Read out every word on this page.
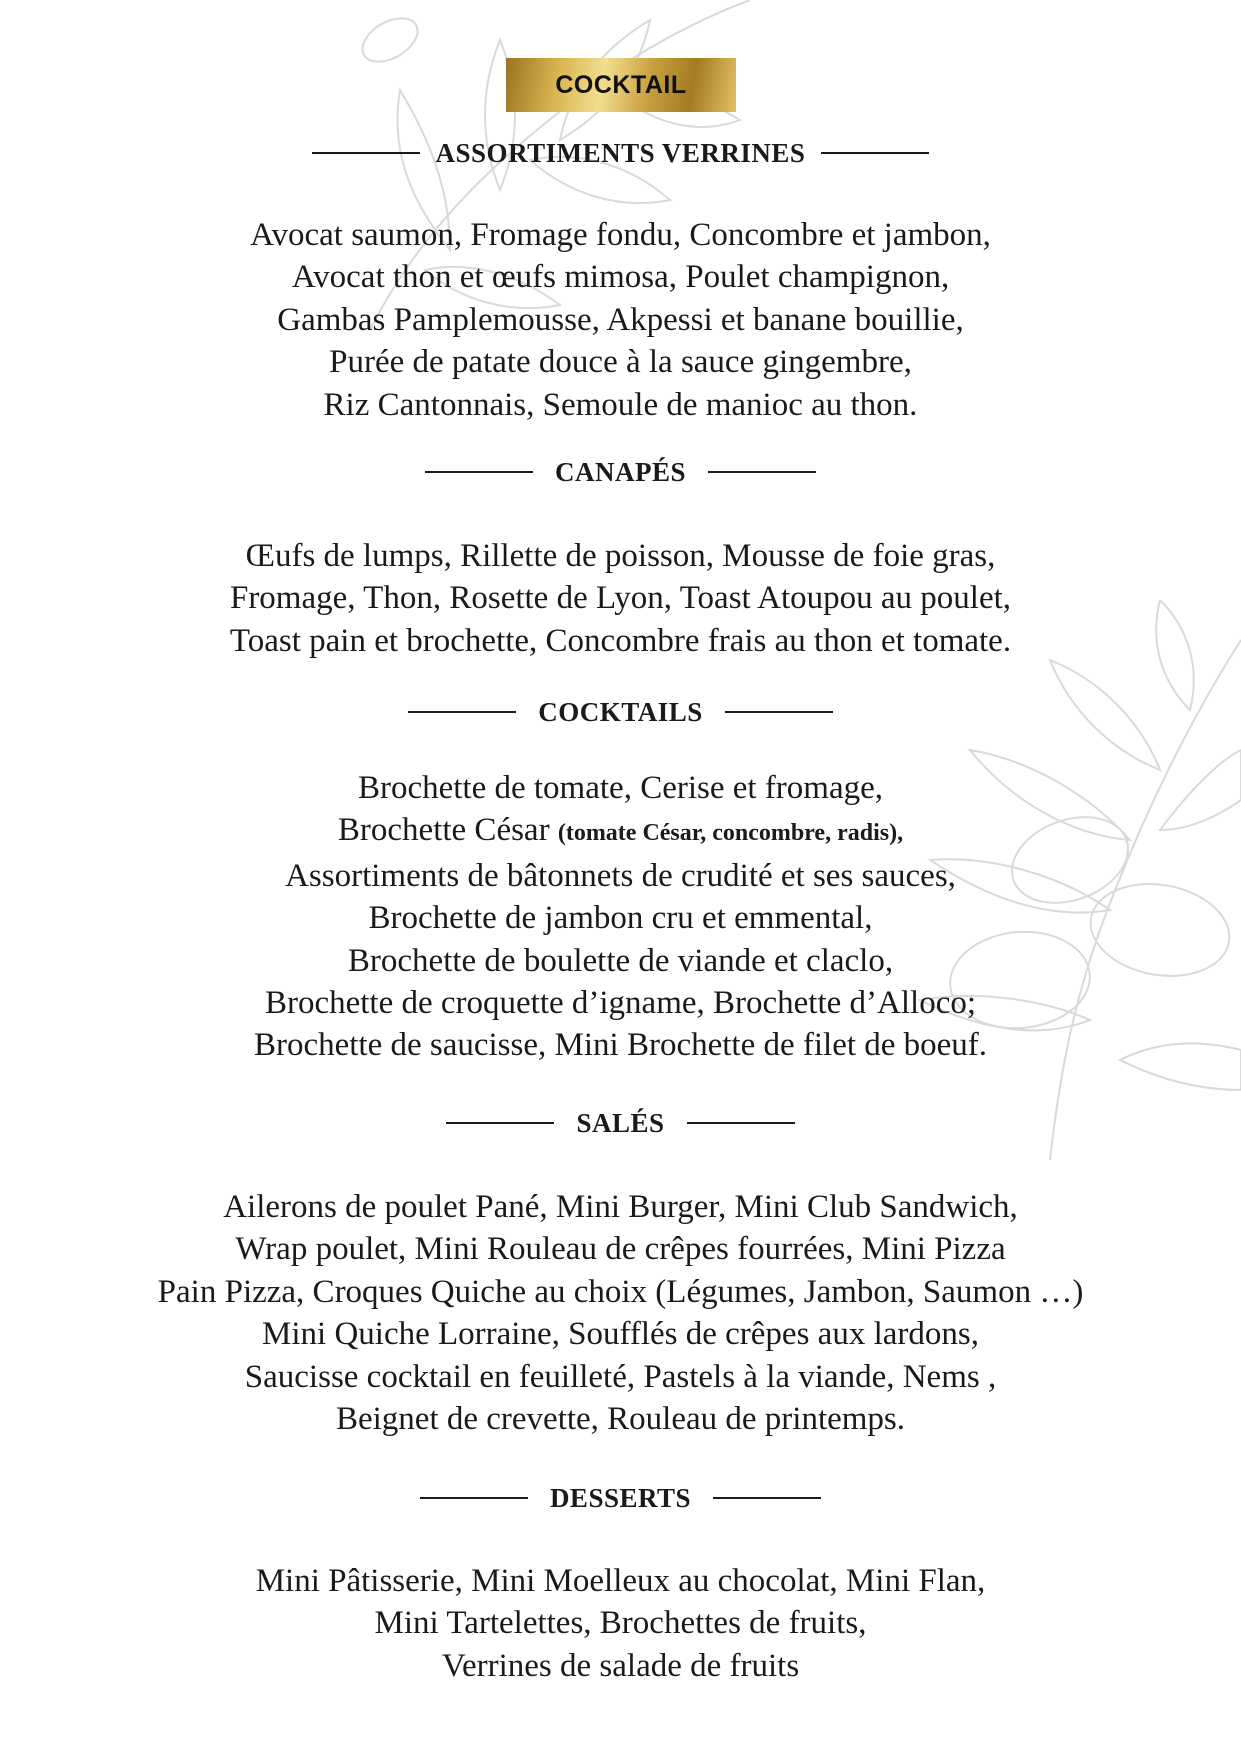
COCKTAIL
ASSORTIMENTS VERRINES
Avocat saumon, Fromage fondu, Concombre et jambon,
Avocat thon et œufs mimosa, Poulet champignon,
Gambas Pamplemousse, Akpessi et banane bouillie,
Purée de patate douce à la sauce gingembre,
Riz Cantonnais, Semoule de manioc au thon.
CANAPÉS
Œufs de lumps, Rillette de poisson, Mousse de foie gras,
Fromage, Thon, Rosette de Lyon, Toast Atoupou au poulet,
Toast pain et brochette, Concombre frais au thon et tomate.
COCKTAILS
Brochette de tomate, Cerise et fromage,
Brochette César (tomate César, concombre, radis),
Assortiments de bâtonnets de crudité et ses sauces,
Brochette de jambon cru et emmental,
Brochette de boulette de viande et claclo,
Brochette de croquette d’igname, Brochette d’Alloco;
Brochette de saucisse, Mini Brochette de filet de boeuf.
SALÉS
Ailerons de poulet Pané, Mini Burger, Mini Club Sandwich,
Wrap poulet, Mini Rouleau de crêpes fourrées, Mini Pizza
Pain Pizza, Croques Quiche au choix (Légumes, Jambon, Saumon …)
Mini Quiche Lorraine, Soufflés de crêpes aux lardons,
Saucisse cocktail en feuilleté, Pastels à la viande, Nems ,
Beignet de crevette, Rouleau de printemps.
DESSERTS
Mini Pâtisserie, Mini Moelleux au chocolat, Mini Flan,
Mini Tartelettes, Brochettes de fruits,
Verrines de salade de fruits
